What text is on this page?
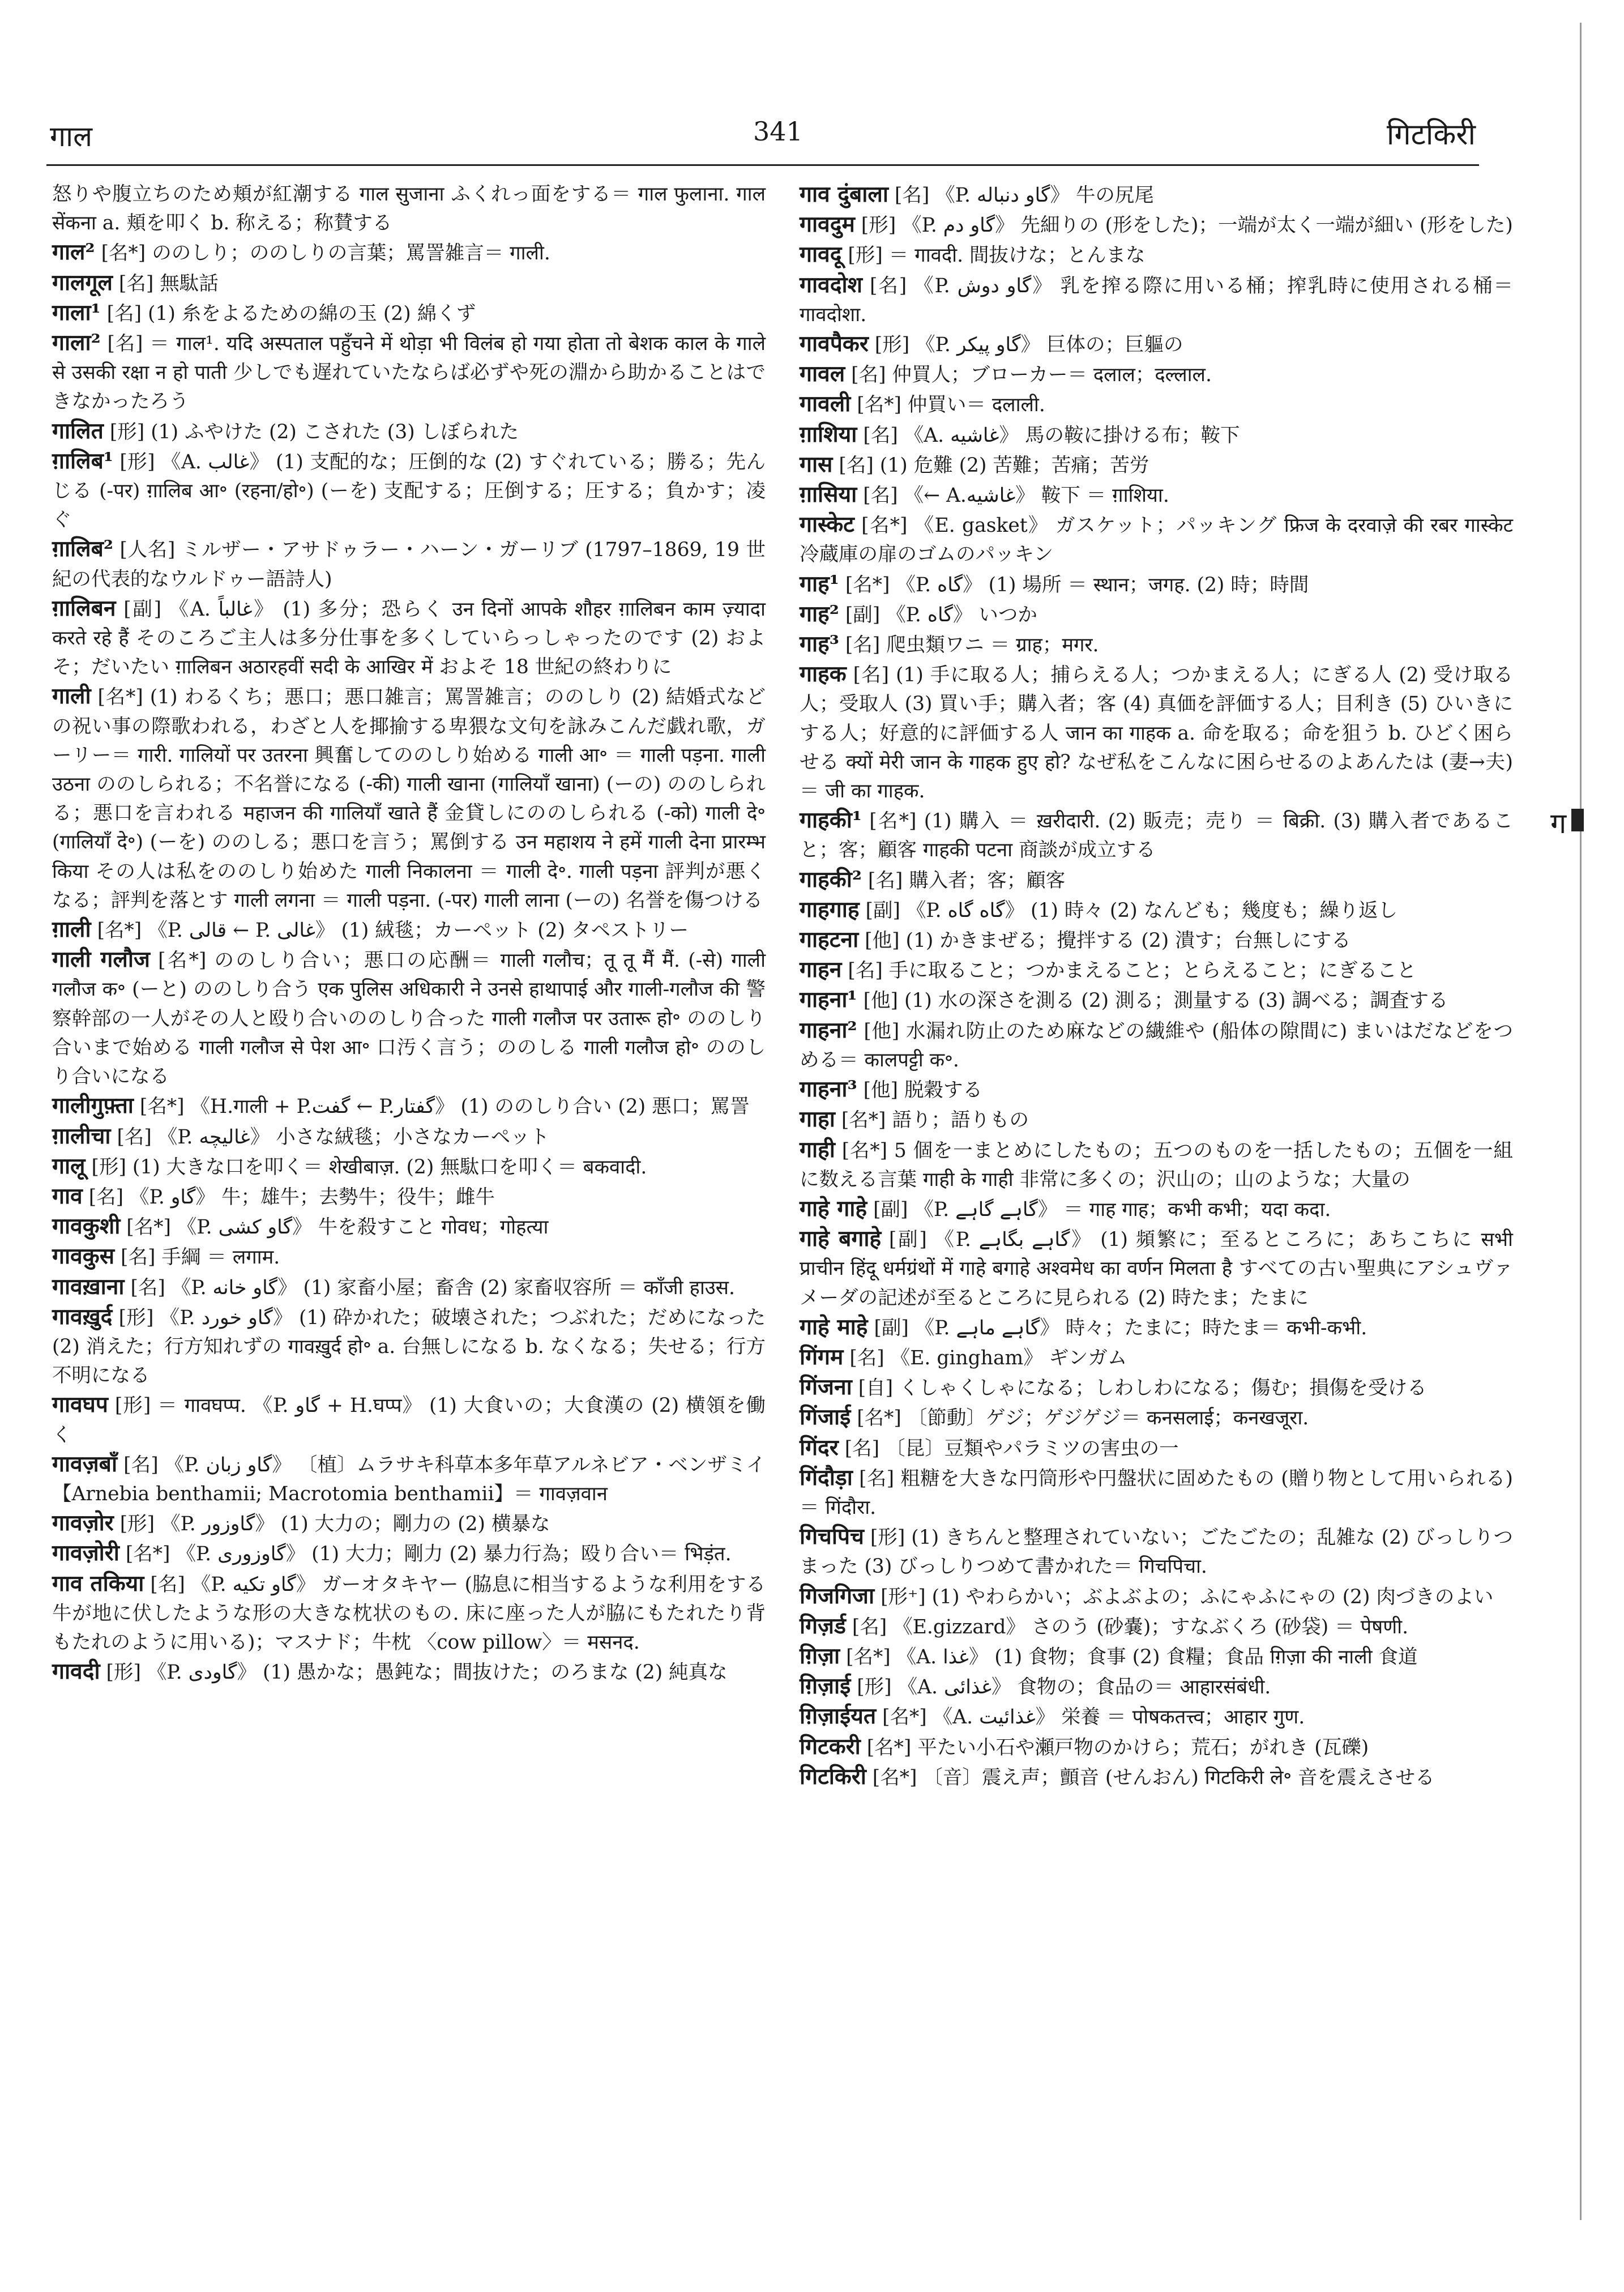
गाल	341	गिटकिरी
ग

怒りや腹立ちのため頬が紅潮する गाल सुजाना ふくれっ面をする＝ गाल फुलाना. गाल सेंकना a. 頬を叩く b. 称える；称賛する

गाल² [名*] ののしり；ののしりの言葉；罵詈雑言＝ गाली.

गालगूल [名] 無駄話

गाला¹ [名] (1) 糸をよるための綿の玉 (2) 綿くず

गाला² [名] ＝ गाल¹. यदि अस्पताल पहुँचने में थोड़ा भी विलंब हो गया होता तो बेशक काल के गाले से उसकी रक्षा न हो पाती 少しでも遅れていたならば必ずや死の淵から助かることはできなかったろう

गालित [形] (1) ふやけた (2) こされた (3) しぼられた

ग़ालिब¹ [形] 《A. غالب》 (1) 支配的な；圧倒的な (2) すぐれている；勝る；先んじる (-पर) ग़ालिब आ॰ (रहना/हो॰) (ーを) 支配する；圧倒する；圧する；負かす；凌ぐ

ग़ालिब² [人名] ミルザー・アサドゥラー・ハーン・ガーリブ (1797–1869, 19 世紀の代表的なウルドゥー語詩人)

ग़ालिबन [副] 《A. غالباً》 (1) 多分；恐らく उन दिनों आपके शौहर ग़ालिबन काम ज़्यादा करते रहे हैं そのころご主人は多分仕事を多くしていらっしゃったのです (2) およそ；だいたい ग़ालिबन अठारहवीं सदी के आखिर में およそ 18 世紀の終わりに

गाली [名*] (1) わるくち；悪口；悪口雑言；罵詈雑言；ののしり (2) 結婚式などの祝い事の際歌われる，わざと人を揶揄する卑猥な文句を詠みこんだ戯れ歌，ガーリー＝ गारी. गालियों पर उतरना 興奮してののしり始める गाली आ॰ ＝ गाली पड़ना. गाली उठना ののしられる；不名誉になる (-की) गाली खाना (गालियाँ खाना) (ーの) ののしられる；悪口を言われる महाजन की गालियाँ खाते हैं 金貸しにののしられる (-को) गाली दे॰ (गालियाँ दे॰) (ーを) ののしる；悪口を言う；罵倒する उन महाशय ने हमें गाली देना प्रारम्भ किया その人は私をののしり始めた गाली निकालना ＝ गाली दे॰. गाली पड़ना 評判が悪くなる；評判を落とす गाली लगना ＝ गाली पड़ना. (-पर) गाली लाना (ーの) 名誉を傷つける

ग़ाली [名*] 《P. قالی ← P. غالی》 (1) 絨毯；カーペット (2) タペストリー

गाली गलौज [名*] ののしり合い；悪口の応酬＝ गाली गलौच；तू तू मैं मैं. (-से) गाली गलौज क॰ (ーと) ののしり合う एक पुलिस अधिकारी ने उनसे हाथापाई और गाली-गलौज की 警察幹部の一人がその人と殴り合いののしり合った गाली गलौज पर उतारू हो॰ ののしり合いまで始める गाली गलौज से पेश आ॰ 口汚く言う；ののしる गाली गलौज हो॰ ののしり合いになる

गालीगुफ़्ता [名*] 《H.गाली + P.گفت ← P.گفتار》 (1) ののしり合い (2) 悪口；罵詈

ग़ालीचा [名] 《P. غالیچه》 小さな絨毯；小さなカーペット

गालू [形] (1) 大きな口を叩く＝ शेखीबाज़. (2) 無駄口を叩く＝ बकवादी.

गाव [名] 《P. گاو》 牛；雄牛；去勢牛；役牛；雌牛

गावकुशी [名*] 《P. گاو کشی》 牛を殺すこと गोवध；गोहत्या

गावकुस [名] 手綱 ＝ लगाम.

गावख़ाना [名] 《P. گاو خانه》 (1) 家畜小屋；畜舎 (2) 家畜収容所 ＝ काँजी हाउस.

गावख़ुर्द [形] 《P. گاو خورد》 (1) 砕かれた；破壊された；つぶれた；だめになった (2) 消えた；行方知れずの गावख़ुर्द हो॰ a. 台無しになる b. なくなる；失せる；行方不明になる

गावघप [形] ＝ गावघप्प. 《P. گاو + H.घप्प》 (1) 大食いの；大食漢の (2) 横領を働く

गावज़बाँ [名] 《P. گاو زبان》 〔植〕ムラサキ科草本多年草アルネビア・ベンザミイ【Arnebia benthamii; Macrotomia benthamii】＝ गावज़वान

गावज़ोर [形] 《P. گاوزور》 (1) 大力の；剛力の (2) 横暴な

गावज़ोरी [名*] 《P. گاوزوری》 (1) 大力；剛力 (2) 暴力行為；殴り合い＝ भिड़ंत.

गाव तकिया [名] 《P. گاو تکیه》 ガーオタキヤー (脇息に相当するような利用をする牛が地に伏したような形の大きな枕状のもの. 床に座った人が脇にもたれたり背もたれのように用いる)；マスナド；牛枕 〈cow pillow〉＝ मसनद.

गावदी [形] 《P. گاودی》 (1) 愚かな；愚鈍な；間抜けた；のろまな (2) 純真な

गाव दुंबाला [名] 《P. گاو دنباله》 牛の尻尾

गावदुम [形] 《P. گاو دم》 先細りの (形をした)；一端が太く一端が細い (形をした)

गावदू [形] ＝ गावदी. 間抜けな；とんまな

गावदोश [名] 《P. گاو دوش》 乳を搾る際に用いる桶；搾乳時に使用される桶＝ गावदोशा.

गावपैकर [形] 《P. گاو پیکر》 巨体の；巨軀の

गावल [名] 仲買人；ブローカー＝ दलाल；दल्लाल.

गावली [名*] 仲買い＝ दलाली.

ग़ाशिया [名] 《A. غاشیه》 馬の鞍に掛ける布；鞍下

गास [名] (1) 危難 (2) 苦難；苦痛；苦労

ग़ासिया [名] 《← A.غاشیه》 鞍下 ＝ ग़ाशिया.

गास्केट [名*] 《E. gasket》 ガスケット；パッキング फ्रिज के दरवाज़े की रबर गास्केट 冷蔵庫の扉のゴムのパッキン

गाह¹ [名*] 《P. گاه》 (1) 場所 ＝ स्थान；जगह. (2) 時；時間

गाह² [副] 《P. گاه》 いつか

गाह³ [名] 爬虫類ワニ ＝ ग्राह；मगर.

गाहक [名] (1) 手に取る人；捕らえる人；つかまえる人；にぎる人 (2) 受け取る人；受取人 (3) 買い手；購入者；客 (4) 真価を評価する人；目利き (5) ひいきにする人；好意的に評価する人 जान का गाहक a. 命を取る；命を狙う b. ひどく困らせる क्यों मेरी जान के गाहक हुए हो? なぜ私をこんなに困らせるのよあんたは (妻→夫) ＝ जी का गाहक.

गाहकी¹ [名*] (1) 購入 ＝ ख़रीदारी. (2) 販売；売り ＝ बिक्री. (3) 購入者であること；客；顧客 गाहकी पटना 商談が成立する

गाहकी² [名] 購入者；客；顧客

गाहगाह [副] 《P. گاه گاه》 (1) 時々 (2) なんども；幾度も；繰り返し

गाहटना [他] (1) かきまぜる；攪拌する (2) 潰す；台無しにする

गाहन [名] 手に取ること；つかまえること；とらえること；にぎること

गाहना¹ [他] (1) 水の深さを測る (2) 測る；測量する (3) 調べる；調査する

गाहना² [他] 水漏れ防止のため麻などの繊維や (船体の隙間に) まいはだなどをつめる＝ कालपट्टी क॰.

गाहना³ [他] 脱穀する

गाहा [名*] 語り；語りもの

गाही [名*] 5 個を一まとめにしたもの；五つのものを一括したもの；五個を一組に数える言葉 गाही के गाही 非常に多くの；沢山の；山のような；大量の

गाहे गाहे [副] 《P. گاہے گاہے》 ＝ गाह गाह；कभी कभी；यदा कदा.

गाहे बगाहे [副] 《P. گاہے بگاہے》 (1) 頻繁に；至るところに；あちこちに सभी प्राचीन हिंदू धर्मग्रंथों में गाहे बगाहे अश्वमेध का वर्णन मिलता है すべての古い聖典にアシュヴァメーダの記述が至るところに見られる (2) 時たま；たまに

गाहे माहे [副] 《P. گاہے ماہے》 時々；たまに；時たま＝ कभी-कभी.

गिंगम [名] 《E. gingham》 ギンガム

गिंजना [自] くしゃくしゃになる；しわしわになる；傷む；損傷を受ける

गिंजाई [名*] 〔節動〕ゲジ；ゲジゲジ＝ कनसलाई；कनखजूरा.

गिंदर [名] 〔昆〕豆類やパラミツの害虫の一

गिंदौड़ा [名] 粗糖を大きな円筒形や円盤状に固めたもの (贈り物として用いられる) ＝ गिंदौरा.

गिचपिच [形] (1) きちんと整理されていない；ごたごたの；乱雑な (2) びっしりつまった (3) びっしりつめて書かれた＝ गिचपिचा.

गिजगिजा [形⁺] (1) やわらかい；ぶよぶよの；ふにゃふにゃの (2) 肉づきのよい

गिज़र्ड [名] 《E.gizzard》 さのう (砂嚢)；すなぶくろ (砂袋) ＝ पेषणी.

ग़िज़ा [名*] 《A. غذا》 (1) 食物；食事 (2) 食糧；食品 ग़िज़ा की नाली 食道

ग़िज़ाई [形] 《A. غذائی》 食物の；食品の＝ आहारसंबंधी.

ग़िज़ाईयत [名*] 《A. غذائیت》 栄養 ＝ पोषकतत्त्व；आहार गुण.

गिटकरी [名*] 平たい小石や瀬戸物のかけら；荒石；がれき (瓦礫)

गिटकिरी [名*] 〔音〕震え声；顫音 (せんおん) गिटकिरी ले॰ 音を震えさせる
